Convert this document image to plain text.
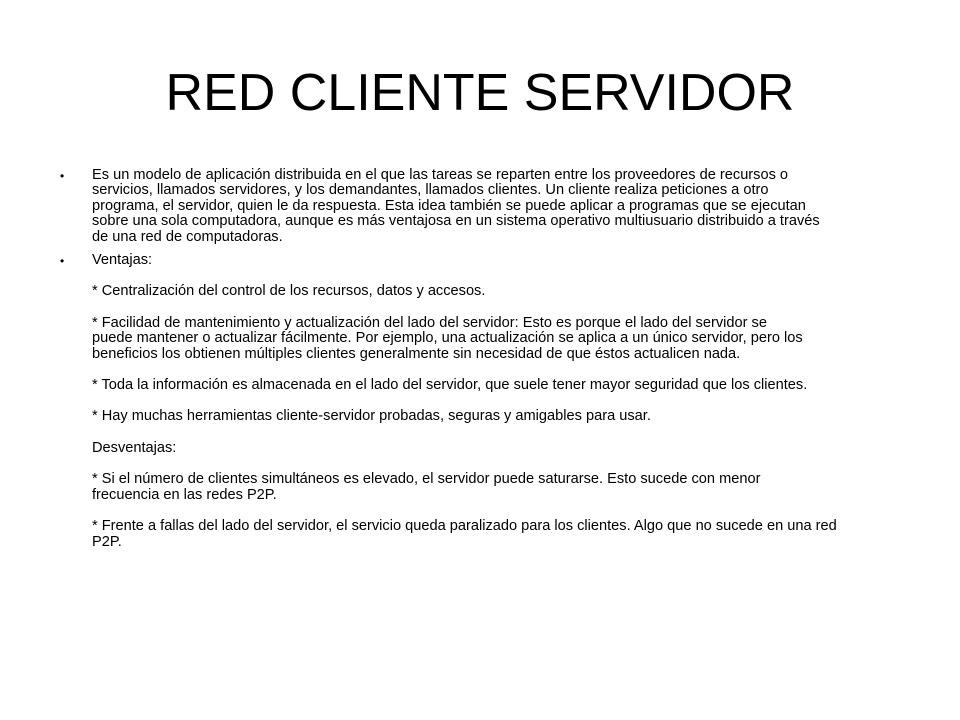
RED CLIENTE SERVIDOR
• Es un modelo de aplicación distribuida en el que las tareas se reparten entre los proveedores de recursos o
servicios, llamados servidores, y los demandantes, llamados clientes. Un cliente realiza peticiones a otro
programa, el servidor, quien le da respuesta. Esta idea también se puede aplicar a programas que se ejecutan
sobre una sola computadora, aunque es más ventajosa en un sistema operativo multiusuario distribuido a través
de una red de computadoras.
• Ventajas:
* Centralización del control de los recursos, datos y accesos.
* Facilidad de mantenimiento y actualización del lado del servidor: Esto es porque el lado del servidor se
puede mantener o actualizar fácilmente. Por ejemplo, una actualización se aplica a un único servidor, pero los
beneficios los obtienen múltiples clientes generalmente sin necesidad de que éstos actualicen nada.
* Toda la información es almacenada en el lado del servidor, que suele tener mayor seguridad que los clientes.
* Hay muchas herramientas cliente-servidor probadas, seguras y amigables para usar.
Desventajas:
* Si el número de clientes simultáneos es elevado, el servidor puede saturarse. Esto sucede con menor
frecuencia en las redes P2P.
* Frente a fallas del lado del servidor, el servicio queda paralizado para los clientes. Algo que no sucede en una red
P2P.
